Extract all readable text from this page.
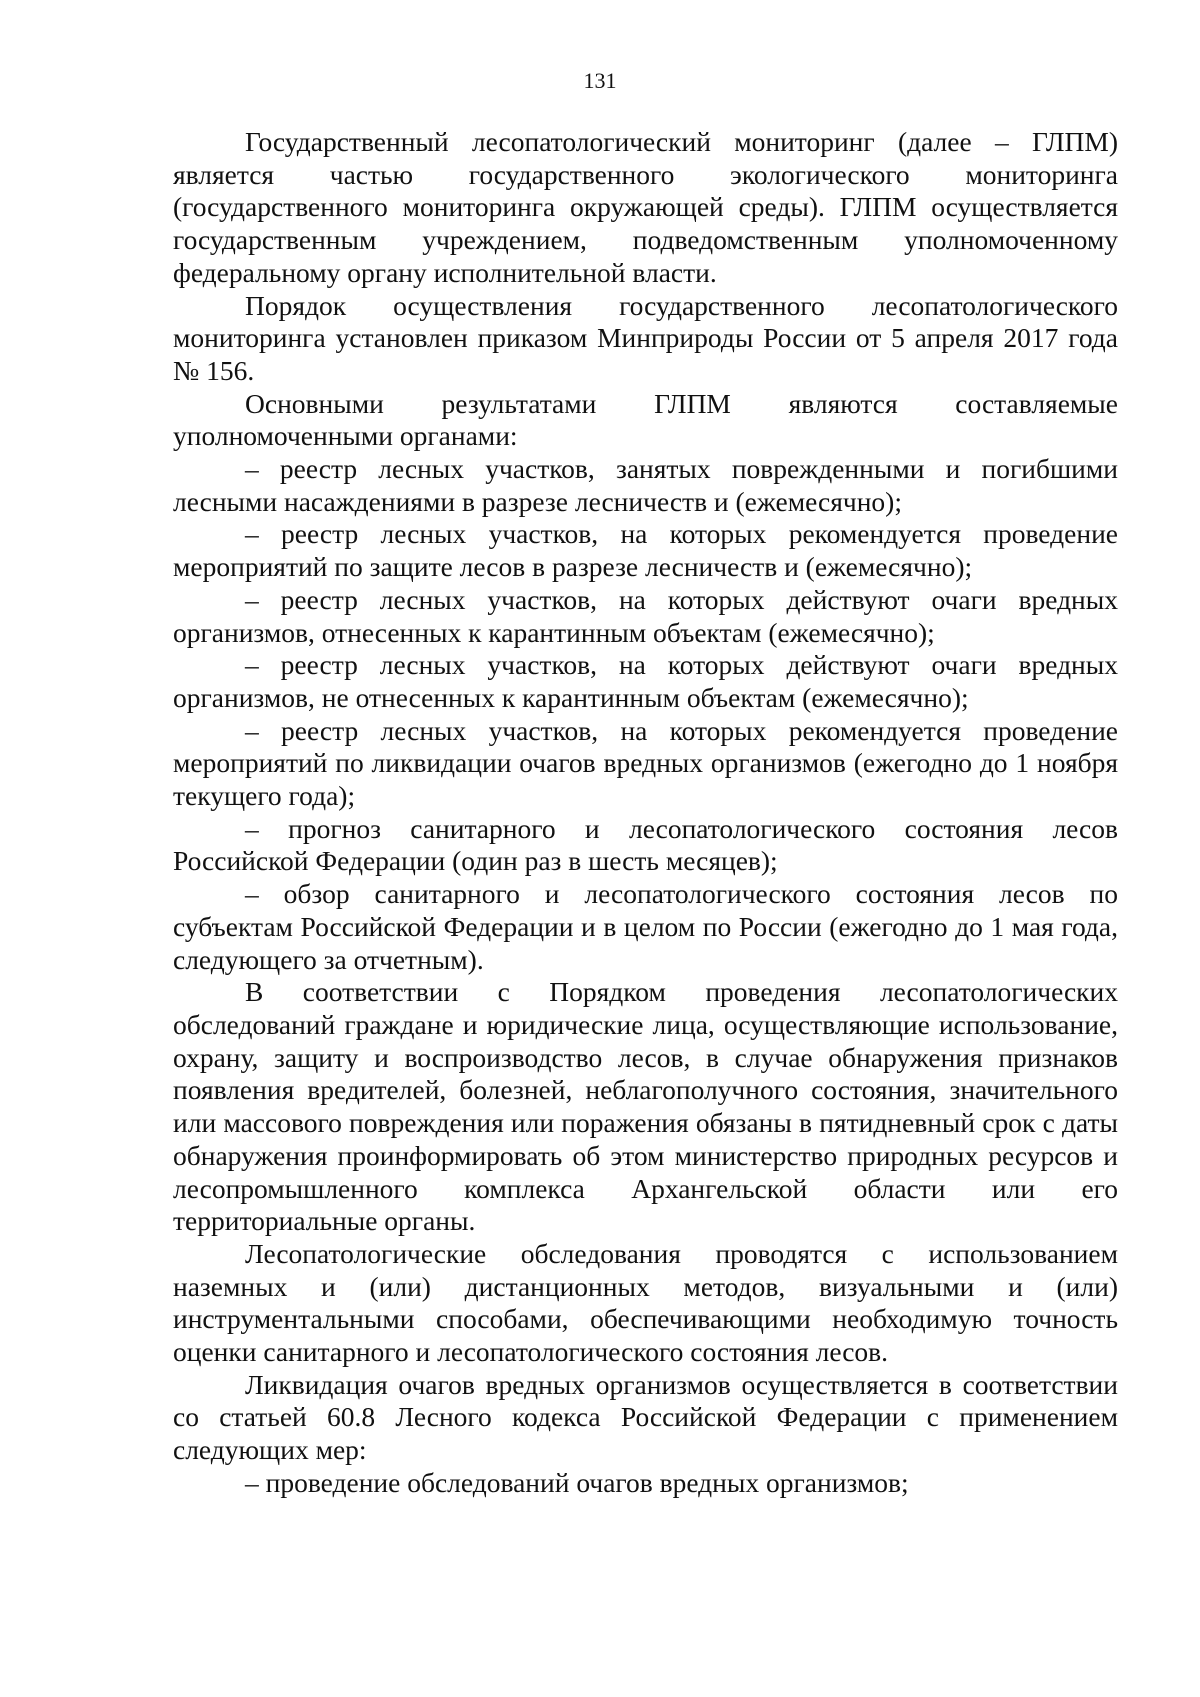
131

Государственный лесопатологический мониторинг (далее – ГЛПМ) является частью государственного экологического мониторинга (государственного мониторинга окружающей среды). ГЛПМ осуществляется государственным учреждением, подведомственным уполномоченному федеральному органу исполнительной власти.

Порядок осуществления государственного лесопатологического мониторинга установлен приказом Минприроды России от 5 апреля 2017 года № 156.

Основными результатами ГЛПМ являются составляемые уполномоченными органами:

– реестр лесных участков, занятых поврежденными и погибшими лесными насаждениями в разрезе лесничеств и (ежемесячно);

– реестр лесных участков, на которых рекомендуется проведение мероприятий по защите лесов в разрезе лесничеств и (ежемесячно);

– реестр лесных участков, на которых действуют очаги вредных организмов, отнесенных к карантинным объектам (ежемесячно);

– реестр лесных участков, на которых действуют очаги вредных организмов, не отнесенных к карантинным объектам (ежемесячно);

– реестр лесных участков, на которых рекомендуется проведение мероприятий по ликвидации очагов вредных организмов (ежегодно до 1 ноября текущего года);

– прогноз санитарного и лесопатологического состояния лесов Российской Федерации (один раз в шесть месяцев);

– обзор санитарного и лесопатологического состояния лесов по субъектам Российской Федерации и в целом по России (ежегодно до 1 мая года, следующего за отчетным).

В соответствии с Порядком проведения лесопатологических обследований граждане и юридические лица, осуществляющие использование, охрану, защиту и воспроизводство лесов, в случае обнаружения признаков появления вредителей, болезней, неблагополучного состояния, значительного или массового повреждения или поражения обязаны в пятидневный срок с даты обнаружения проинформировать об этом министерство природных ресурсов и лесопромышленного комплекса Архангельской области или его территориальные органы.

Лесопатологические обследования проводятся с использованием наземных и (или) дистанционных методов, визуальными и (или) инструментальными способами, обеспечивающими необходимую точность оценки санитарного и лесопатологического состояния лесов.

Ликвидация очагов вредных организмов осуществляется в соответствии со статьей 60.8 Лесного кодекса Российской Федерации с применением следующих мер:

– проведение обследований очагов вредных организмов;
